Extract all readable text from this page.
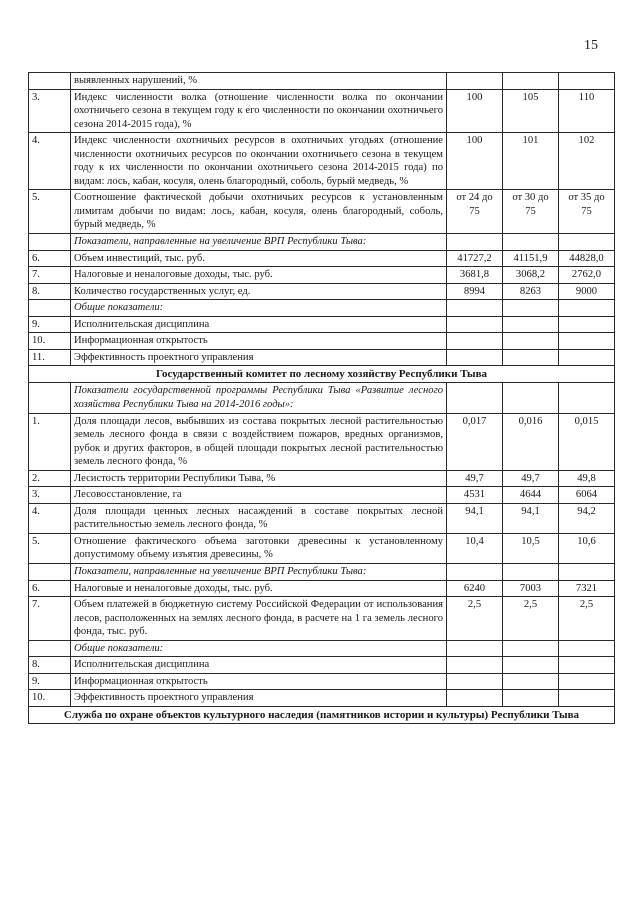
15
	выявленных нарушений, %			
3.	Индекс численности волка (отношение численности волка по окончании охотничьего сезона в текущем году к его численности по окончании охотничьего сезона 2014-2015 года), %	100	105	110
4.	Индекс численности охотничьих ресурсов в охотничьих угодьях (отношение численности охотничьих ресурсов по окончании охотничьего сезона в текущем году к их численности по окончании охотничьего сезона 2014-2015 года) по видам: лось, кабан, косуля, олень благородный, соболь, бурый медведь, %	100	101	102
5.	Соотношение фактической добычи охотничьих ресурсов к установленным лимитам добычи по видам: лось, кабан, косуля, олень благородный, соболь, бурый медведь, %	от 24 до 75	от 30 до 75	от 35 до 75
	Показатели, направленные на увеличение ВРП Республики Тыва:			
6.	Объем инвестиций, тыс. руб.	41727,2	41151,9	44828,0
7.	Налоговые и неналоговые доходы, тыс. руб.	3681,8	3068,2	2762,0
8.	Количество государственных услуг, ед.	8994	8263	9000
	Общие показатели:			
9.	Исполнительская дисциплина			
10.	Информационная открытость			
11.	Эффективность проектного управления			
Государственный комитет по лесному хозяйству Республики Тыва				
	Показатели государственной программы Республики Тыва «Развитие лесного хозяйства Республики Тыва на 2014-2016 годы»:			
1.	Доля площади лесов, выбывших из состава покрытых лесной растительностью земель лесного фонда в связи с воздействием пожаров, вредных организмов, рубок и других факторов, в общей площади покрытых лесной растительностью земель лесного фонда, %	0,017	0,016	0,015
2.	Лесистость территории Республики Тыва, %	49,7	49,7	49,8
3.	Лесовосстановление, га	4531	4644	6064
4.	Доля площади ценных лесных насаждений в составе покрытых лесной растительностью земель лесного фонда, %	94,1	94,1	94,2
5.	Отношение фактического объема заготовки древесины к установленному допустимому объему изъятия древесины, %	10,4	10,5	10,6
	Показатели, направленные на увеличение ВРП Республики Тыва:			
6.	Налоговые и неналоговые доходы, тыс. руб.	6240	7003	7321
7.	Объем платежей в бюджетную систему Российской Федерации от использования лесов, расположенных на землях лесного фонда, в расчете на 1 га земель лесного фонда, тыс. руб.	2,5	2,5	2,5
	Общие показатели:			
8.	Исполнительская дисциплина			
9.	Информационная открытость			
10.	Эффективность проектного управления			
Служба по охране объектов культурного наследия (памятников истории и культуры) Республики Тыва				
